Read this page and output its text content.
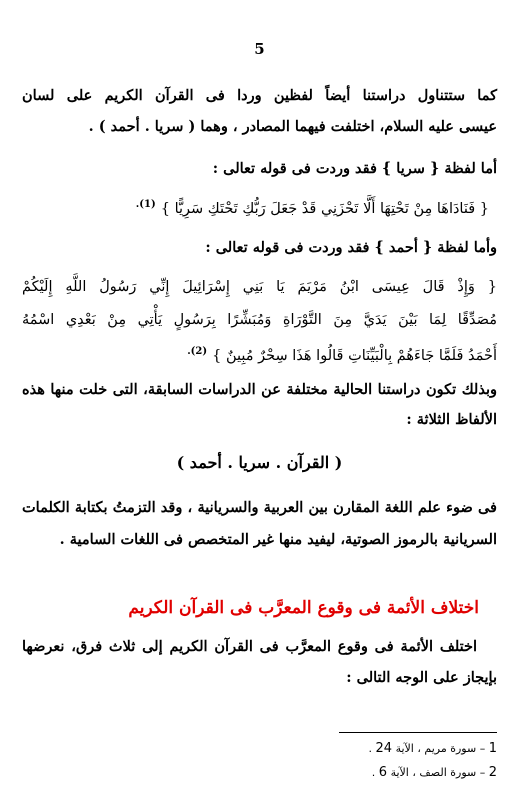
5
كما ستتناول دراستنا أيضاً لفظين وردا فى القرآن الكريم على لسان
عيسى عليه السلام، اختلفت فيهما المصادر ، وهما ( سريا . أحمد ) .
أما لفظة { سريا } فقد وردت فى قوله تعالى :
{ فَنَادَاهَا مِنْ تَحْتِهَا أَلَّا تَحْزَنِي قَدْ جَعَلَ رَبُّكِ تَحْتَكِ سَرِيًّا } $^{(1).}$
وأما لفظة { أحمد } فقد وردت فى قوله تعالى :
{ وَإِذْ قَالَ عِيسَى ابْنُ مَرْيَمَ يَا بَنِي إِسْرَائِيلَ إِنِّي رَسُولُ اللَّهِ إِلَيْكُمْ
مُصَدِّقًا لِمَا بَيْنَ يَدَيَّ مِنَ التَّوْرَاةِ وَمُبَشِّرًا بِرَسُولٍ يَأْتِي مِنْ بَعْدِي اسْمُهُ
أَحْمَدُ فَلَمَّا جَاءَهُمْ بِالْبَيِّنَاتِ قَالُوا هَذَا سِحْرٌ مُبِينٌ } $^{(2).}$
وبذلك تكون دراستنا الحالية مختلفة عن الدراسات السابقة، التى خلت منها هذه
الألفاظ الثلاثة :
( القرآن . سريا . أحمد )
فى ضوء علم اللغة المقارن بين العربية والسريانية ، وقد التزمتُ بكتابة الكلمات
السريانية بالرموز الصوتية، ليفيد منها غير المتخصص فى اللغات السامية .
اختلاف الأئمة فى وقوع المعرَّب فى القرآن الكريم
اختلف الأئمة فى وقوع المعرَّب فى القرآن الكريم إلى ثلاث فرق، نعرضها
بإيجاز على الوجه التالى :
1 – سورة مريم ، الآية 24 .
2 – سورة الصف ، الآية 6 .
